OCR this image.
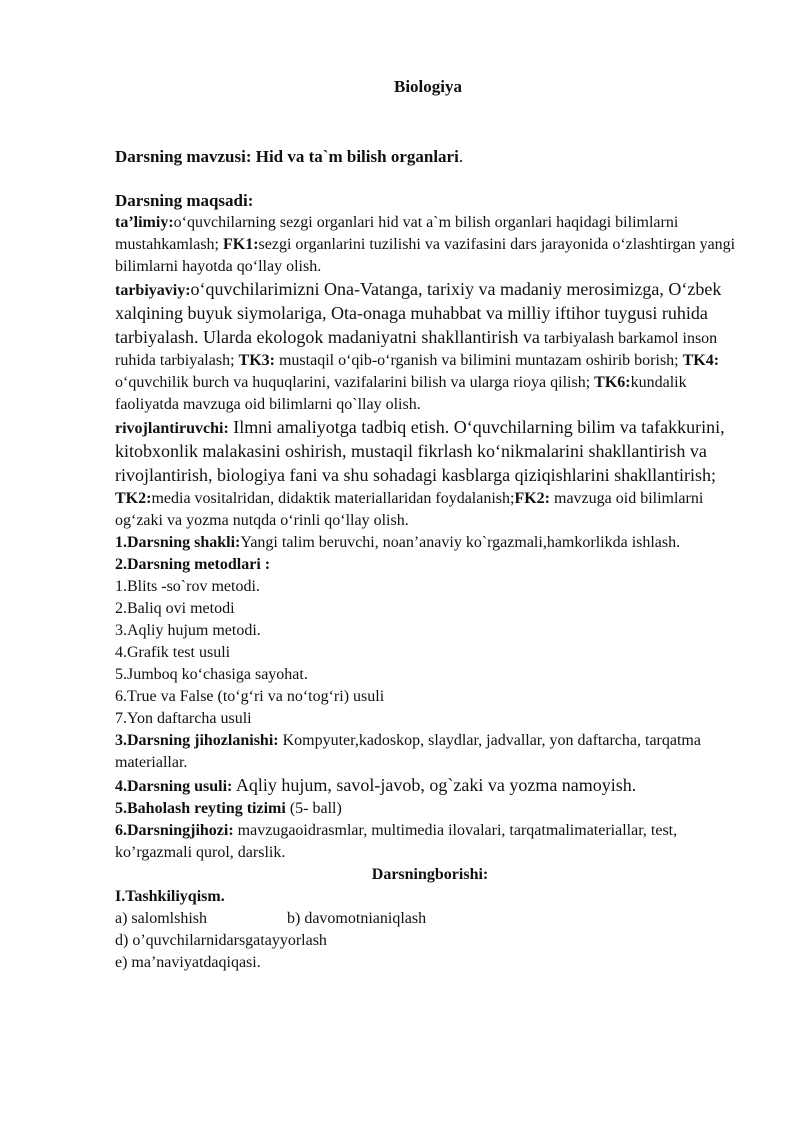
Biologiya
Darsning mavzusi: Hid va ta`m bilish organlari.
Darsning maqsadi:

ta’limiy:o‘quvchilarning sezgi organlari hid vat a`m bilish organlari haqidagi bilimlarni mustahkamlash; FK1:sezgi organlarini tuzilishi va vazifasini dars jarayonida o‘zlashtirgan yangi bilimlarni hayotda qo‘llay olish.

tarbiyaviy:o‘quvchilarimizni Ona-Vatanga, tarixiy va madaniy merosimizga, O‘zbek xalqining buyuk siymolariga, Ota-onaga muhabbat va milliy iftihor tuygusi ruhida tarbiyalash. Ularda ekologok madaniyatni shakllantirish va tarbiyalash barkamol inson ruhida tarbiyalash; TK3: mustaqil o‘qib-o‘rganish va bilimini muntazam oshirib borish; TK4: o‘quvchilik burch va huquqlarini, vazifalarini bilish va ularga rioya qilish; TK6:kundalik faoliyatda mavzuga oid bilimlarni qo`llay olish.

rivojlantiruvchi: Ilmni amaliyotga tadbiq etish. O‘quvchilarning bilim va tafakkurini, kitobxonlik malakasini oshirish, mustaqil fikrlash ko‘nikmalarini shakllantirish va rivojlantirish, biologiya fani va shu sohadagi kasblarga qiziqishlarini shakllantirish; TK2:media vositalridan, didaktik materiallaridan foydalanish;FK2: mavzuga oid bilimlarni og‘zaki va yozma nutqda o‘rinli qo‘llay olish.

1.Darsning shakli:Yangi talim beruvchi, noan’anaviy ko`rgazmali,hamkorlikda ishlash.

2.Darsning metodlari :

1.Blits -so`rov metodi.

2.Baliq ovi metodi

3.Aqliy hujum metodi.

4.Grafik test usuli

5.Jumboq ko‘chasiga sayohat.

6.True va False (to‘g‘ri va no‘tog‘ri) usuli

7.Yon daftarcha usuli

3.Darsning jihozlanishi: Kompyuter,kadoskop, slaydlar, jadvallar, yon daftarcha, tarqatma materiallar.

4.Darsning usuli: Aqliy hujum, savol-javob, og`zaki va yozma namoyish.

5.Baholash reyting tizimi (5- ball)

6.Darsningjihozi: mavzugaoidrasmlar, multimedia ilovalari, tarqatmalimateriallar, test, ko’rgazmali qurol, darslik.

Darsningborishi:

I.Tashkiliyqism.

a) salomlshish	b) davomotnianiqlash

d) o’quvchilarnidarsgatayyorlash

e) ma’naviyatdaqiqasi.
